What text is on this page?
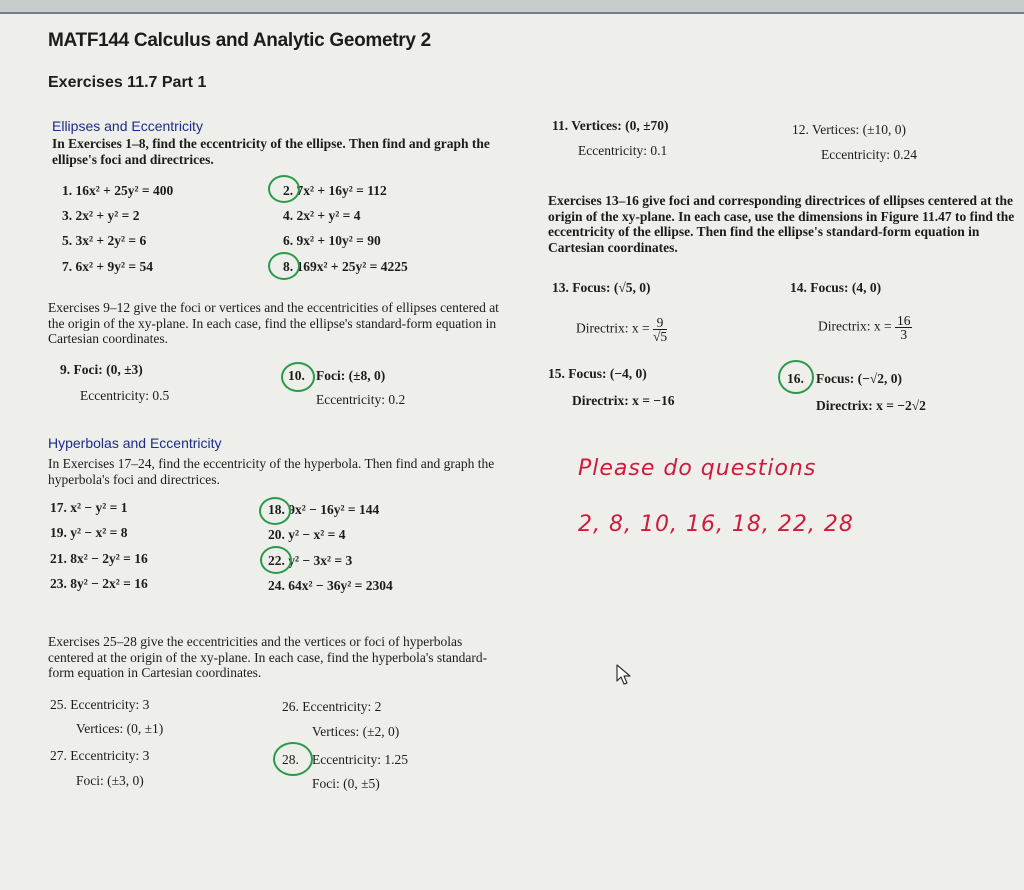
MATF144 Calculus and Analytic Geometry 2
Exercises 11.7 Part 1
Ellipses and Eccentricity
In Exercises 1–8, find the eccentricity of the ellipse. Then find and graph the ellipse's foci and directrices.
1. 16x² + 25y² = 400	2. 7x² + 16y² = 112
3. 2x² + y² = 2	4. 2x² + y² = 4
5. 3x² + 2y² = 6	6. 9x² + 10y² = 90
7. 6x² + 9y² = 54	8. 169x² + 25y² = 4225
Exercises 9–12 give the foci or vertices and the eccentricities of ellipses centered at the origin of the xy-plane. In each case, find the ellipse's standard-form equation in Cartesian coordinates.
9. Foci: (0, ±3)
Eccentricity: 0.5
10. Foci: (±8, 0)
Eccentricity: 0.2
11. Vertices: (0, ±70)
Eccentricity: 0.1
12. Vertices: (±10, 0)
Eccentricity: 0.24
Exercises 13–16 give foci and corresponding directrices of ellipses centered at the origin of the xy-plane. In each case, use the dimensions in Figure 11.47 to find the eccentricity of the ellipse. Then find the ellipse's standard-form equation in Cartesian coordinates.
13. Focus: (√5, 0)
Directrix: $x = \frac{9}{√5}$
14. Focus: (4, 0)
Directrix: $x = \frac{16}{3}$
15. Focus: (−4, 0)
Directrix: x = −16
16. Focus: (−√2, 0)
Directrix: x = −2√2
Hyperbolas and Eccentricity
In Exercises 17–24, find the eccentricity of the hyperbola. Then find and graph the hyperbola's foci and directrices.
17. x² − y² = 1	18. 9x² − 16y² = 144
19. y² − x² = 8	20. y² − x² = 4
21. 8x² − 2y² = 16	22. y² − 3x² = 3
23. 8y² − 2x² = 16	24. 64x² − 36y² = 2304
Exercises 25–28 give the eccentricities and the vertices or foci of hyperbolas centered at the origin of the xy-plane. In each case, find the hyperbola's standard-form equation in Cartesian coordinates.
25. Eccentricity: 3
Vertices: (0, ±1)
26. Eccentricity: 2
Vertices: (±2, 0)
27. Eccentricity: 3
Foci: (±3, 0)
28. Eccentricity: 1.25
Foci: (0, ±5)
Please do questions
2, 8, 10, 16, 18, 22, 28
